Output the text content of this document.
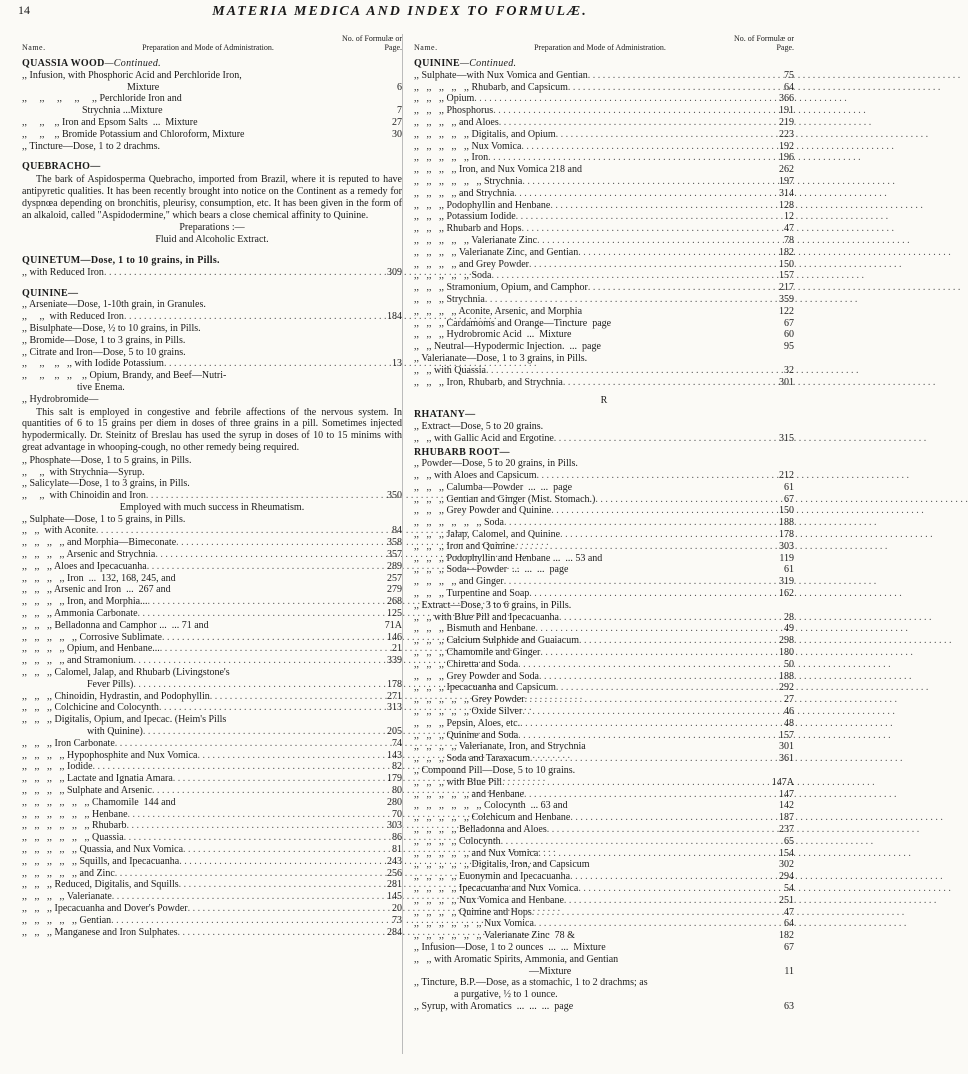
14	MATERIA MEDICA AND INDEX TO FORMULÆ.
Name.	Preparation and Mode of Administration.
No. of Formulæ or Page.
QUASSIA WOOD—Continued.
,, Infusion, with Phosphoric Acid and Perchloride Iron,
Mixture	6
,,     ,,     ,,     ,,     ,, Perchloride Iron and
Strychnia ...Mixture	7
,,     ,,    ,, Iron and Epsom Salts  ...  Mixture	27
,,     ,,    ,, Bromide Potassium and Chloroform, Mixture	30
,, Tincture—Dose, 1 to 2 drachms.
QUEBRACHO—
The bark of Aspidosperma Quebracho, imported from Brazil, where it is reputed to have antipyretic qualities. It has been recently brought into notice on the Continent as a remedy for dyspnœa depending on bronchitis, pleurisy, consumption, etc. It has been given in the form of an alkaloid, called "Aspidodermine," which bears a close chemical affinity to Quinine.
Preparations :—
Fluid and Alcoholic Extract.
QUINETUM—Dose, 1 to 10 grains, in Pills.
,, with Reduced Iron . . .	309
QUININE—
,, Arseniate—Dose, 1-10th grain, in Granules.
,,     ,,  with Reduced Iron . . .	184
,, Bisulphate—Dose, ½ to 10 grains, in Pills.
,, Bromide—Dose, 1 to 3 grains, in Pills.
,, Citrate and Iron—Dose, 5 to 10 grains.
,,     ,,    ,,   ,, with Iodide Potassium . . .	13
,,     ,,    ,,   ,,    ,, Opium, Brandy, and Beef—Nutri-
tive Enema.
,, Hydrobromide—
This salt is employed in congestive and febrile affections of the nervous system. In quantities of 6 to 15 grains per diem in doses of three grains in a pill. Sometimes injected hypodermically. Dr. Steinitz of Breslau has used the syrup in doses of 10 to 15 minims with great advantage in whooping-cough, no other remedy being required.
,, Phosphate—Dose, 1 to 5 grains, in Pills.
,,     ,,  with Strychnia—Syrup.
,, Salicylate—Dose, 1 to 3 grains, in Pills.
,,     ,,  with Chinoidin and Iron . . .	350
Employed with much success in Rheumatism.
,, Sulphate—Dose, 1 to 5 grains, in Pills.
,,   ,,  with Aconite . . .	84
,,   ,,   ,,   ,, and Morphia—Bimeconate . . .	358
,,   ,,   ,,   ,, Arsenic and Strychnia . . .	357
,,   ,,   ,, Aloes and Ipecacuanha . . .	289
,,   ,,   ,,   ,, Iron  ...  132, 168, 245, and	257
,,   ,,   ,, Arsenic and Iron  ...  267 and	279
,,   ,,   ,,   ,, Iron, and Morphia... . . .	268
,,   ,,   ,, Ammonia Carbonate . . .	125
,,   ,,   ,, Belladonna and Camphor ...  ... 71 and	71A
,,   ,,   ,,   ,,   ,, Corrosive Sublimate . . .	146
,,   ,,   ,,   ,, Opium, and Henbane... . . .	21
,,   ,,   ,,   ,, and Stramonium . . .	339
,,   ,,   ,, Calomel, Jalap, and Rhubarb (Livingstone's
Fever Pills) . . .	178
,,   ,,   ,, Chinoidin, Hydrastin, and Podophyllin . . .	271
,,   ,,   ,, Colchicine and Colocynth . . .	313
,,   ,,   ,, Digitalis, Opium, and Ipecac. (Heim's Pills
with Quinine) . . .	205
,,   ,,   ,, Iron Carbonate . . .	74
,,   ,,   ,,   ,, Hypophosphite and Nux Vomica . . .	143
,,   ,,   ,,   ,, Iodide . . .	82
,,   ,,   ,,   ,, Lactate and Ignatia Amara . . .	179
,,   ,,   ,,   ,, Sulphate and Arsenic . . .	80
,,   ,,   ,,   ,,   ,,   ,, Chamomile  144 and	280
,,   ,,   ,,   ,,   ,,   ,, Henbane . . .	70
,,   ,,   ,,   ,,   ,,   ,, Rhubarb . . .	303
,,   ,,   ,,   ,,   ,,   ,, Quassia . . .	86
,,   ,,   ,,   ,,   ,, Quassia, and Nux Vomica . . .	81
,,   ,,   ,,   ,,   ,, Squills, and Ipecacuanha . . .	243
,,   ,,   ,,   ,,   ,, and Zinc . . .	256
,,   ,,   ,, Reduced, Digitalis, and Squills . . .	281
,,   ,,   ,,   ,, Valerianate . . .	145
,,   ,,   ,, Ipecacuanha and Dover's Powder . . .	20
,,   ,,   ,,   ,,   ,, Gentian . . .	73
,,   ,,   ,, Manganese and Iron Sulphates . . .	284
Name.	Preparation and Mode of Administration.
No. of Formulæ or Page.
QUININE—Continued.
,, Sulphate—with Nux Vomica and Gentian . . .	75
,,   ,,   ,,   ,,   ,, Rhubarb, and Capsicum . . .	64
,,   ,,   ,, Opium . . .	366
,,   ,,   ,, Phosphorus . . .	191
,,   ,,   ,,   ,, and Aloes . . .	219
,,   ,,   ,,   ,,   ,, Digitalis, and Opium . . .	223
,,   ,,   ,,   ,,   ,, Nux Vomica . . .	192
,,   ,,   ,,   ,,   ,, Iron . . .	196
,,   ,,   ,,   ,, Iron, and Nux Vomica 218 and	262
,,   ,,   ,,   ,,   ,,   ,, Strychnia . . .	197
,,   ,,   ,,   ,, and Strychnia . . .	314
,,   ,,   ,, Podophyllin and Henbane . . .	128
,,   ,,   ,, Potassium Iodide . . .	12
,,   ,,   ,, Rhubarb and Hops . . .	47
,,   ,,   ,,   ,,   ,, Valerianate Zinc . . .	78
,,   ,,   ,,   ,, Valerianate Zinc, and Gentian . . .	182
,,   ,,   ,,   ,, and Grey Powder . . .	150
,,   ,,   ,,   ,,   ,, Soda . . .	157
,,   ,,   ,, Stramonium, Opium, and Camphor . . .	217
,,   ,,   ,, Strychnia . . .	359
,,   ,,   ,,   ,, Aconite, Arsenic, and Morphia	122
,,   ,,   ,, Cardamoms and Orange—Tincture  page	67
,,   ,,   ,, Hydrobromic Acid  ...  Mixture	60
,,   ,, Neutral—Hypodermic Injection.  ...  page	95
,, Valerianate—Dose, 1 to 3 grains, in Pills.
,,   ,, with Quassia . . .	32
,,   ,,   ,, Iron, Rhubarb, and Strychnia . . .	301
R
RHATANY—
,, Extract—Dose, 5 to 20 grains.
,,   ,, with Gallic Acid and Ergotine . . .	315
RHUBARB ROOT—
,, Powder—Dose, 5 to 20 grains, in Pills.
,,   ,, with Aloes and Capsicum . . .	212
,,   ,,   ,, Calumba—Powder  ...  ...  page	61
,,   ,,   ,, Gentian and Ginger (Mist. Stomach.) . . .	67
,,   ,,   ,, Grey Powder and Quinine . . .	150
,,   ,,   ,,   ,,   ,,   ,, Soda . . .	188
,,   ,,   ,, Jalap, Calomel, and Quinine . . .	178
,,   ,,   ,, Iron and Quinine . . .	303
,,   ,,   ,, Podophyllin and Henbane ...  ... 53 and	119
,,   ,,   ,, Soda—Powder  ...  ...  ...  page	61
,,   ,,   ,,   ,, and Ginger . . .	319
,,   ,,   ,, Turpentine and Soap . . .	162
,, Extract—Dose, 3 to 6 grains, in Pills.
,,   ,, with Blue Pill and Ipecacuanha . . .	28
,,   ,,   ,, Bismuth and Henbane . . .	49
,,   ,,   ,, Calcium Sulphide and Guaiacum . . .	298
,,   ,,   ,, Chamomile and Ginger . . .	180
,,   ,,   ,, Chiretta and Soda . . .	50
,,   ,,   ,, Grey Powder and Soda . . .	188
,,   ,,   ,, Ipecacuanha and Capsicum . . .	292
,,   ,,   ,,   ,,   ,, Grey Powder . . .	27
,,   ,,   ,,   ,,   ,, Oxide Silver . . .	46
,,   ,,   ,, Pepsin, Aloes, etc. . . .	48
,,   ,,   ,, Quinine and Soda . . .	157
,,   ,,   ,,   ,, Valerianate, Iron, and Strychnia	301
,,   ,,   ,, Soda and Taraxacum . . .	361
,, Compound Pill—Dose, 5 to 10 grains.
,,   ,,   ,, with Blue Pill . . .	147A
,,   ,,   ,,   ,,   ,, and Henbane . . .	147
,,   ,,   ,,   ,,   ,,   ,, Colocynth  ... 63 and	142
,,   ,,   ,,   ,,   ,, Colchicum and Henbane . . .	187
,,   ,,   ,,   ,, Belladonna and Aloes . . .	237
,,   ,,   ,,   ,, Colocynth . . .	65
,,   ,,   ,,   ,,   ,, and Nux Vomica . . .	154
,,   ,,   ,,   ,,   ,, Digitalis, Iron, and Capsicum	302
,,   ,,   ,,   ,, Euonymin and Ipecacuanha . . .	294
,,   ,,   ,,   ,, Ipecacuanha and Nux Vomica . . .	54
,,   ,,   ,,   ,, Nux Vomica and Henbane . . .	251
,,   ,,   ,,   ,, Quinine and Hops . . .	47
,,   ,,   ,,   ,,   ,,   ,, Nux Vomica . . .	64
,,   ,,   ,,   ,,   ,,   ,, Valerianate Zinc  78 &	182
,, Infusion—Dose, 1 to 2 ounces  ...  ...  Mixture	67
,,   ,, with Aromatic Spirits, Ammonia, and Gentian
—Mixture	11
,, Tincture, B.P.—Dose, as a stomachic, 1 to 2 drachms; as
a purgative, ½ to 1 ounce.
,, Syrup, with Aromatics  ...  ...  ...  page	63
